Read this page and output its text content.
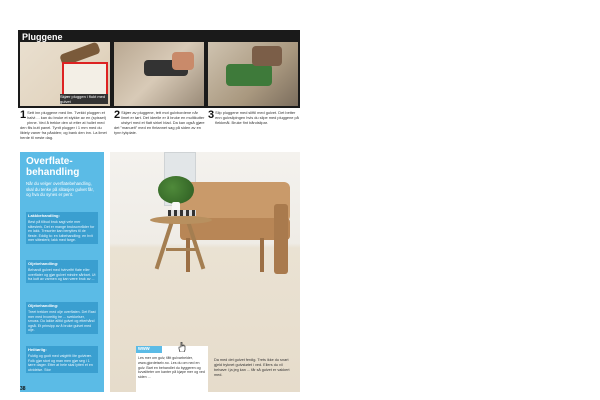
Pluggene
Skjær pluggen i flukt med gulvet
1 Sett inn pluggene med lim. Tvekkt pluggen et halvt ... kan du bruke et stykke av en (spisset) pinne. Ved å trekke den ut etter at hullet med den flis kutt panel. Tyntt plugger i 1 mm med du likteiy vaner fra påaiden; og bank den inn. La limet herde til neste dag.
2 Skjær av pluggene, tett mot gulvbordene når limet er tørt. Det ideelle er å bruke en multikutter utstyrt med et flatt sirkel blad. Da kan også gjøre det "manuelt" med en fintannet sag på siden av en tynn tykplate.
3 Slip pluggene med sliftil med gulvet. Det better enn gulvslipingen hvis du slipe med pluggene på flekkmål. Bruke fint båndslipar.
Overflate-
behandling
Når du velger overflatebehandling, skal du tenke på slitasjen gulvet får, og hva du synes er pent.
Lakkbehandling:
Best på tilbud bruk sagt vele mer slitesterk. Det er mange bruksområder for en lakk. Tresorter kan benyttes til de fleste. Eddig to: en lutbehandling; en hvit mer slitesterk; lakk med farge.
Oljebehandling:
Behandl gulvet med hvirvelfri flate eller overflater og gjør gulvet mindre sårbart. Ut fra kutt av varmen og kan være bruk av ...
Oljebehandling:
Treet trekker med olje overflaten. Det Rast mer med hvoreitig tre ... svekkelser, smuss. Du lakke alltid gulvet og etterhånd også. Et prinsipp av å bruke gulvet med olje.
Heiltørlig:
Fuktig og godt med valgfritt lite gulvtrær. Folk gjør stort og man men gjør seg i 1 tørre dager. Etter at hele skal lytteri et en utvidelse. Stor
www
Les mer om gulv, fått gulvarbeider, www.gjordetselv.no. Les du om ned en gulv. Bart en behandlet du byggeren og kvvaliteter om kanter på kjøpe mer og ved siden ...
Da med det gulvet ferdig. Trets ikke du snart gjeld tryknet gulvstøtet i ved. Ellers du vil behøve i ja jeg kan ... får så gulvet er vakkert med.
38
